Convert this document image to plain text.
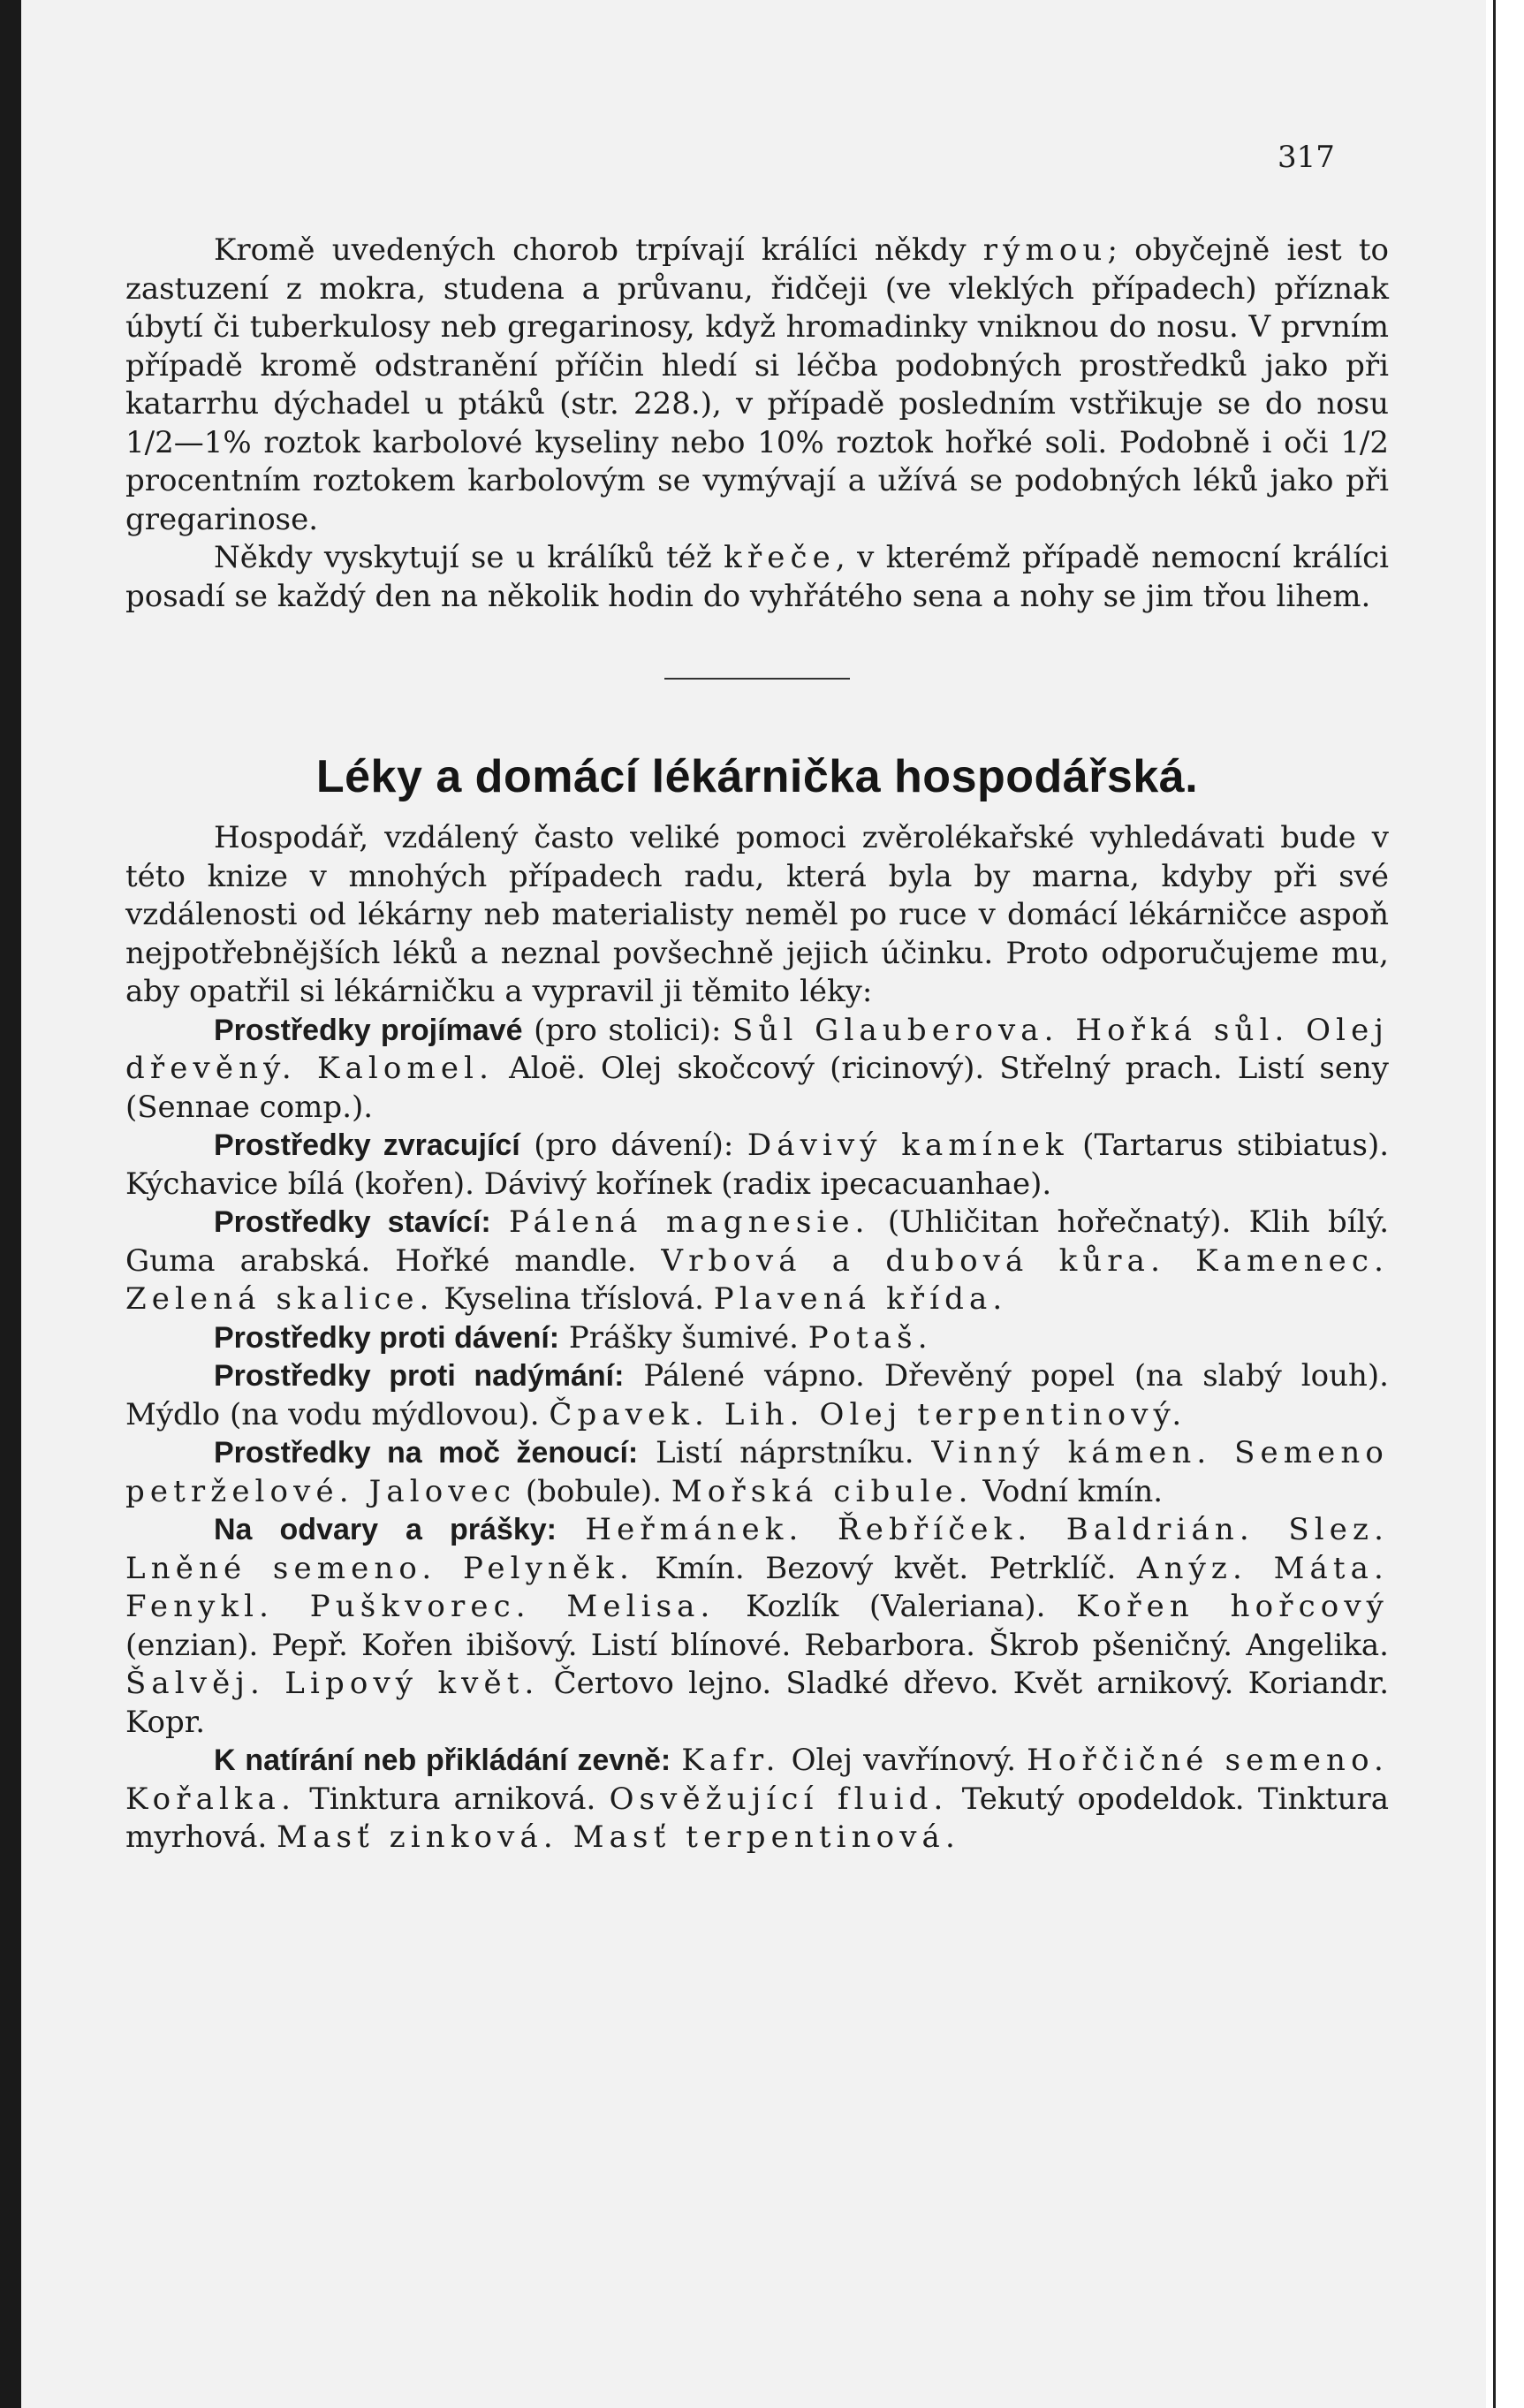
317

Kromě uvedených chorob trpívají králíci někdy rýmou; obyčejně iest to zastuzení z mokra, studena a průvanu, řidčeji (ve vleklých případech) příznak úbytí či tuberkulosy neb gregarinosy, když hromadinky vniknou do nosu. V prvním případě kromě odstranění příčin hledí si léčba podobných prostředků jako při katarrhu dýchadel u ptáků (str. 228.), v případě posledním vstřikuje se do nosu 1/2—1% roztok karbolové kyseliny nebo 10% roztok hořké soli. Podobně i oči 1/2 procentním roztokem karbolovým se vymývají a užívá se podobných léků jako při gregarinose.

Někdy vyskytují se u králíků též křeče, v kterémž případě nemocní králíci posadí se každý den na několik hodin do vyhřátého sena a nohy se jim třou lihem.

Léky a domácí lékárnička hospodářská.

Hospodář, vzdálený často veliké pomoci zvěrolékařské vyhledávati bude v této knize v mnohých případech radu, která byla by marna, kdyby při své vzdálenosti od lékárny neb materialisty neměl po ruce v domácí lékárničce aspoň nejpotřebnějších léků a neznal povšechně jejich účinku. Proto odporučujeme mu, aby opatřil si lékárničku a vypravil ji těmito léky:

Prostředky projímavé (pro stolici): Sůl Glauberova. Hořká sůl. Olej dřevěný. Kalomel. Aloë. Olej skočcový (ricinový). Střelný prach. Listí seny (Sennae comp.).

Prostředky zvracující (pro dávení): Dávivý kamínek (Tartarus stibiatus). Kýchavice bílá (kořen). Dávivý kořínek (radix ipecacuanhae).

Prostředky stavící: Pálená magnesie. (Uhličitan hořečnatý). Klih bílý. Guma arabská. Hořké mandle. Vrbová a dubová kůra. Kamenec. Zelená skalice. Kyselina tříslová. Plavená křída.

Prostředky proti dávení: Prášky šumivé. Potaš.

Prostředky proti nadýmání: Pálené vápno. Dřevěný popel (na slabý louh). Mýdlo (na vodu mýdlovou). Čpavek. Lih. Olej terpentinový.

Prostředky na moč ženoucí: Listí náprstníku. Vinný kámen. Semeno petrželové. Jalovec (bobule). Mořská cibule. Vodní kmín.

Na odvary a prášky: Heřmánek. Řebříček. Baldrián. Slez. Lněné semeno. Pelyněk. Kmín. Bezový květ. Petrklíč. Anýz. Máta. Fenykl. Puškvorec. Melisa. Kozlík (Valeriana). Kořen hořcový (enzian). Pepř. Kořen ibišový. Listí blínové. Rebarbora. Škrob pšeničný. Angelika. Šalvěj. Lipový květ. Čertovo lejno. Sladké dřevo. Květ arnikový. Koriandr. Kopr.

K natírání neb přikládání zevně: Kafr. Olej vavřínový. Hořčičné semeno. Kořalka. Tinktura arniková. Osvěžující fluid. Tekutý opodeldok. Tinktura myrhová. Masť zinková. Masť terpentinová.
